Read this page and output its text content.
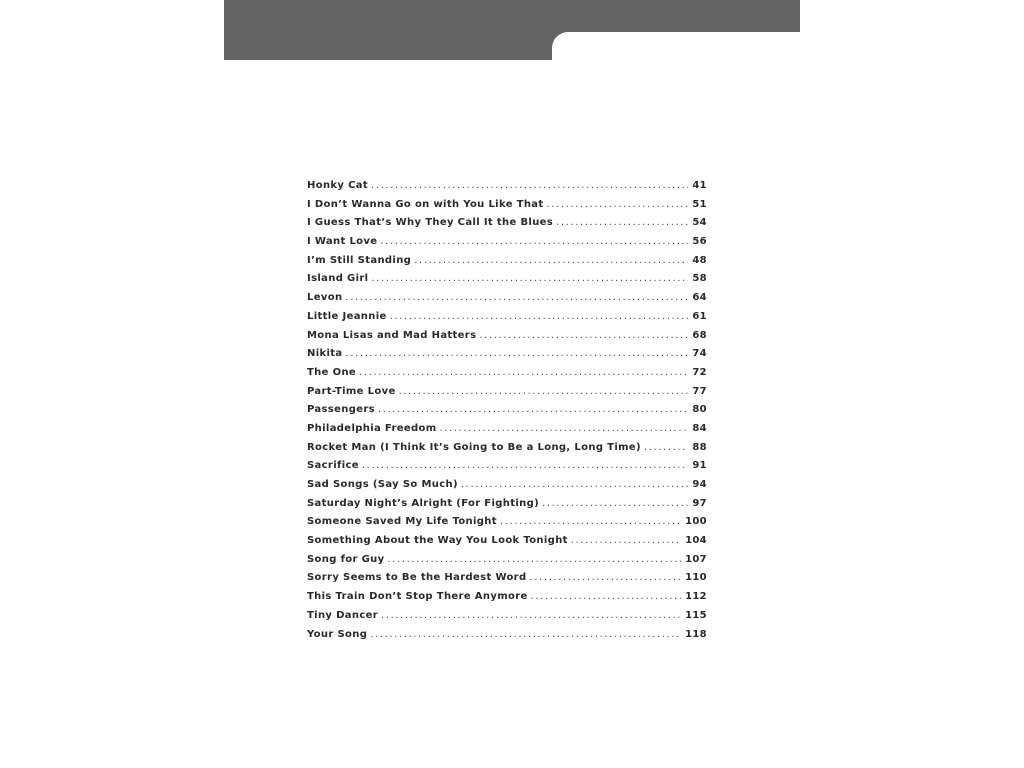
Honky Cat .....	41
I Don’t Wanna Go on with You Like That .....	51
I Guess That’s Why They Call It the Blues .....	54
I Want Love .....	56
I’m Still Standing .....	48
Island Girl .....	58
Levon .....	64
Little Jeannie .....	61
Mona Lisas and Mad Hatters .....	68
Nikita .....	74
The One .....	72
Part-Time Love .....	77
Passengers .....	80
Philadelphia Freedom .....	84
Rocket Man (I Think It’s Going to Be a Long, Long Time) .....	88
Sacrifice .....	91
Sad Songs (Say So Much) .....	94
Saturday Night’s Alright (For Fighting) .....	97
Someone Saved My Life Tonight .....	100
Something About the Way You Look Tonight .....	104
Song for Guy .....	107
Sorry Seems to Be the Hardest Word .....	110
This Train Don’t Stop There Anymore .....	112
Tiny Dancer .....	115
Your Song .....	118
